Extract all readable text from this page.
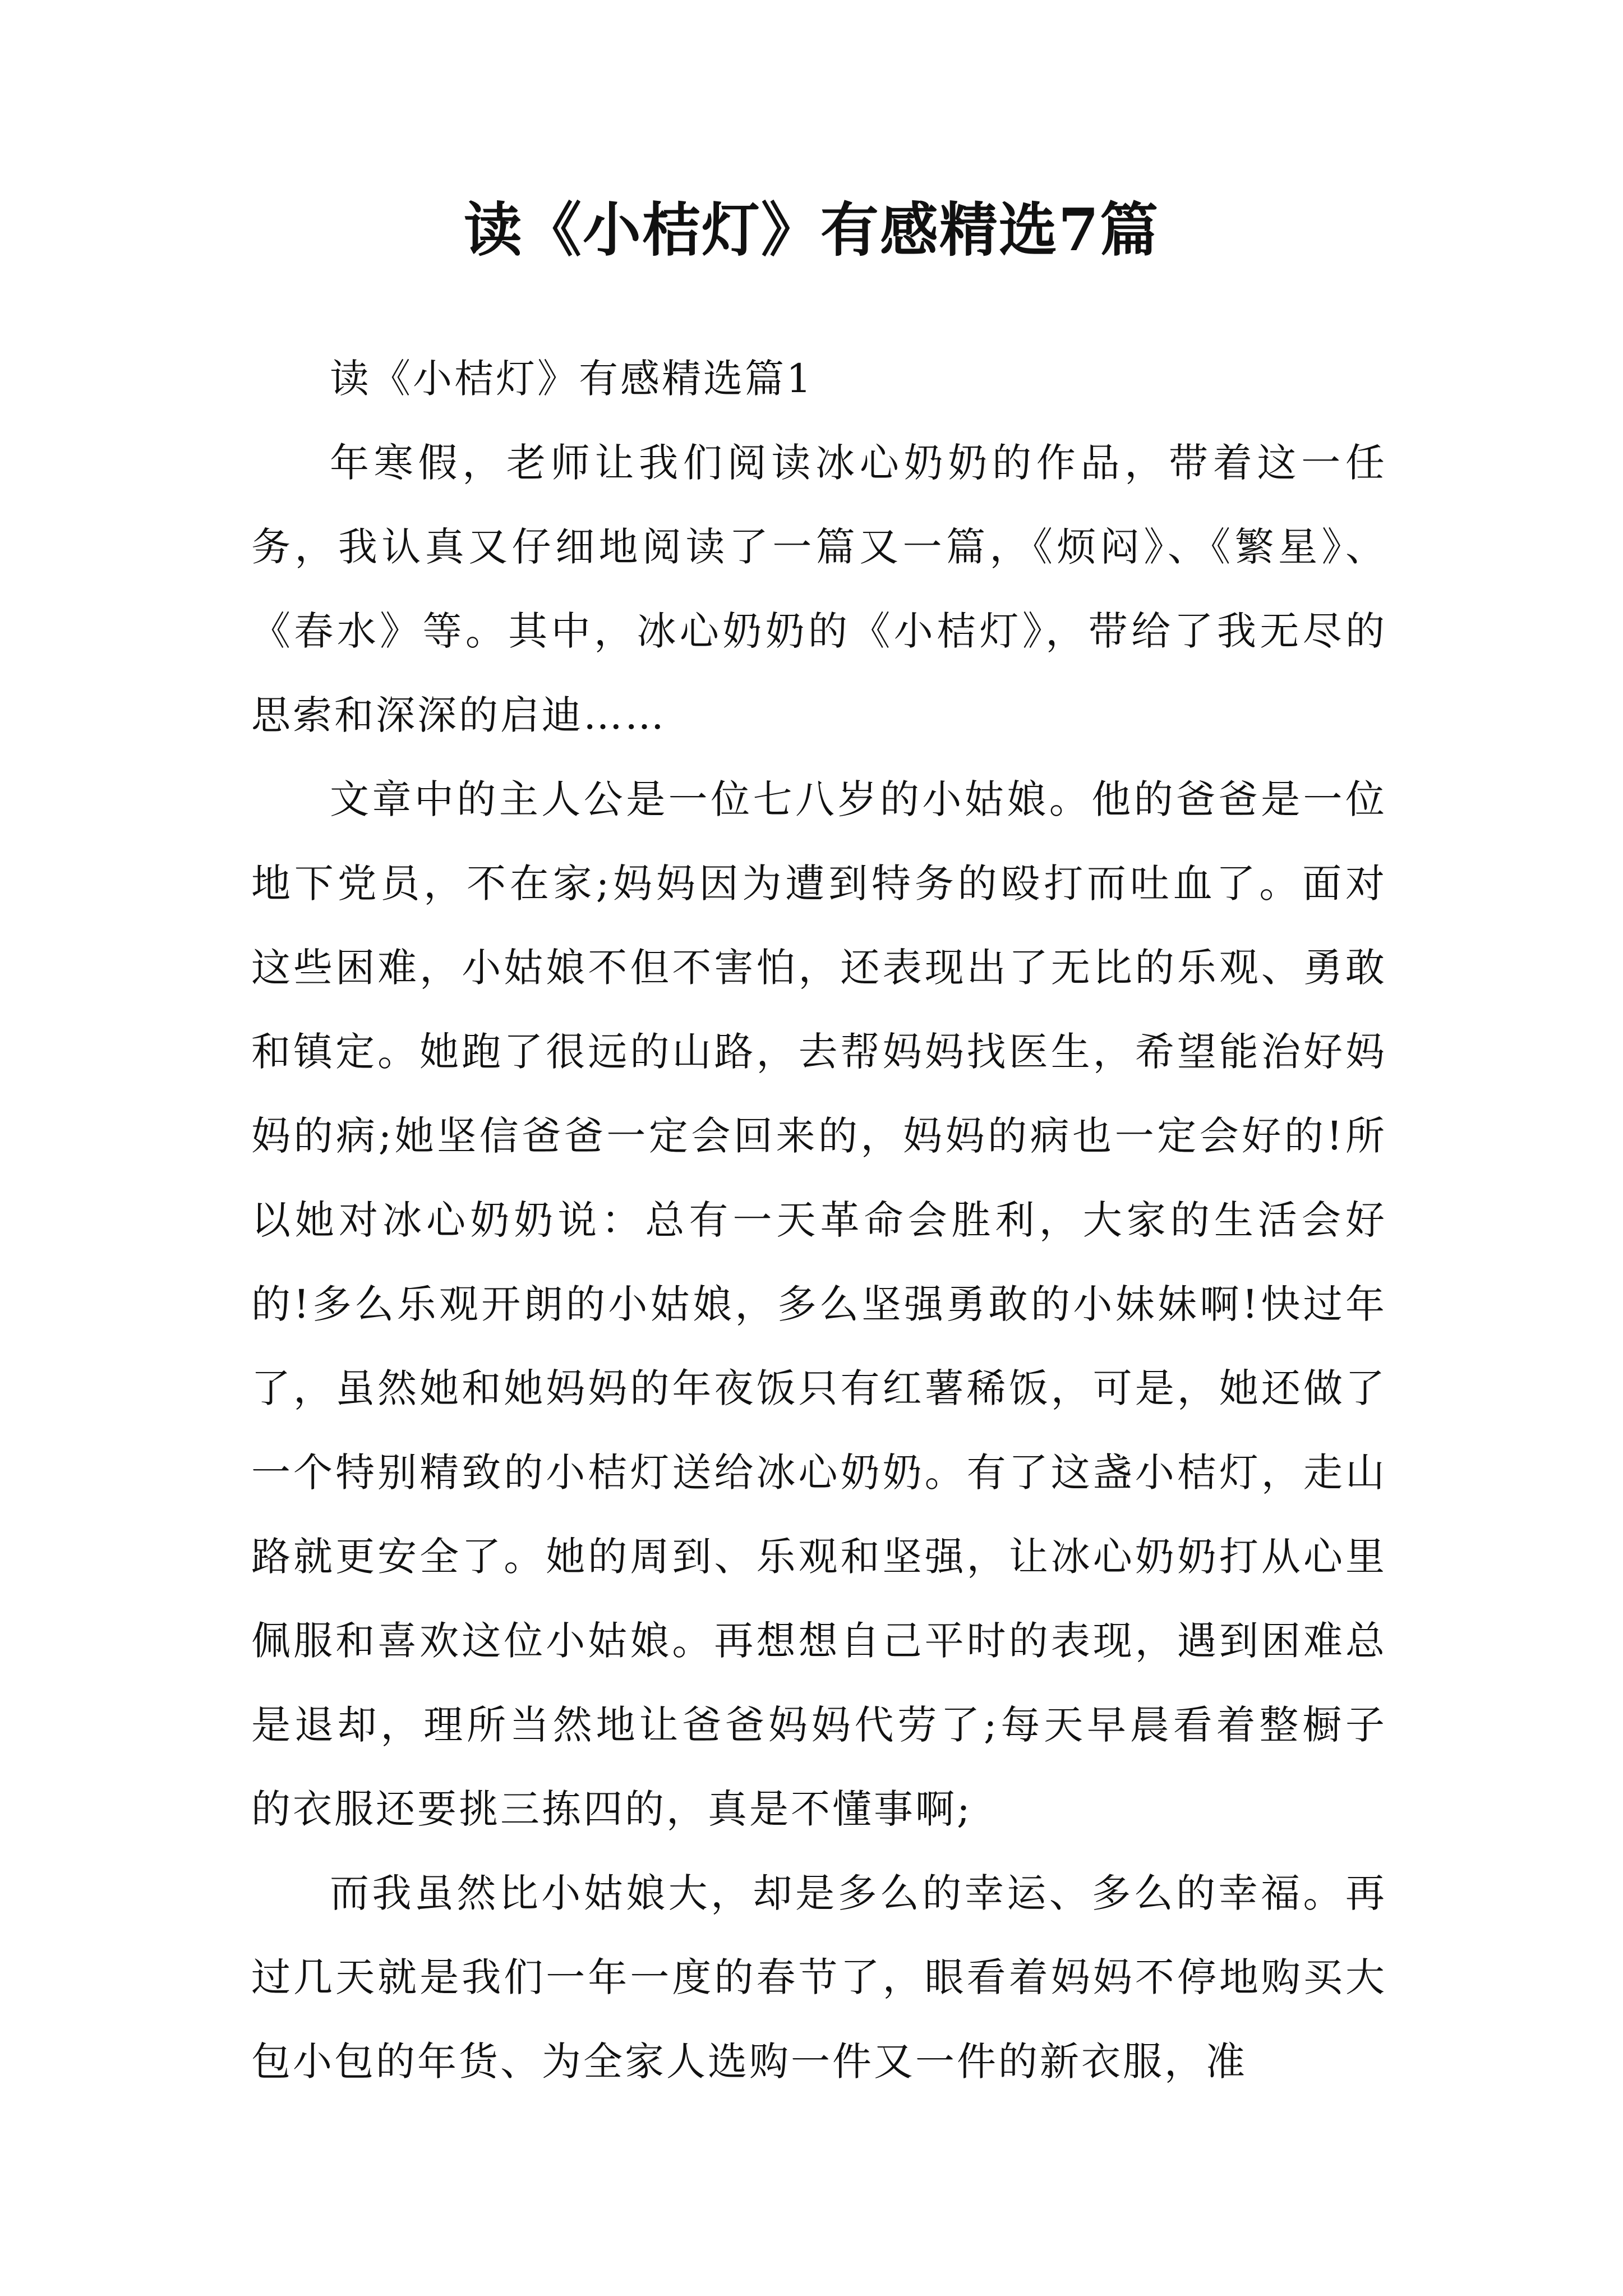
读《小桔灯》有感精选7篇

读《小桔灯》有感精选篇1

年寒假，老师让我们阅读冰心奶奶的作品，带着这一任务，我认真又仔细地阅读了一篇又一篇，《烦闷》、《繁星》、《春水》等。其中，冰心奶奶的《小桔灯》，带给了我无尽的思索和深深的启迪……

文章中的主人公是一位七八岁的小姑娘。他的爸爸是一位地下党员，不在家;妈妈因为遭到特务的殴打而吐血了。面对这些困难，小姑娘不但不害怕，还表现出了无比的乐观、勇敢和镇定。她跑了很远的山路，去帮妈妈找医生，希望能治好妈妈的病;她坚信爸爸一定会回来的，妈妈的病也一定会好的!所以她对冰心奶奶说：总有一天革命会胜利，大家的生活会好的!多么乐观开朗的小姑娘，多么坚强勇敢的小妹妹啊!快过年了，虽然她和她妈妈的年夜饭只有红薯稀饭，可是，她还做了一个特别精致的小桔灯送给冰心奶奶。有了这盏小桔灯，走山路就更安全了。她的周到、乐观和坚强，让冰心奶奶打从心里佩服和喜欢这位小姑娘。再想想自己平时的表现，遇到困难总是退却，理所当然地让爸爸妈妈代劳了;每天早晨看着整橱子的衣服还要挑三拣四的，真是不懂事啊;

而我虽然比小姑娘大，却是多么的幸运、多么的幸福。再过几天就是我们一年一度的春节了，眼看着妈妈不停地购买大包小包的年货、为全家人选购一件又一件的新衣服，准
